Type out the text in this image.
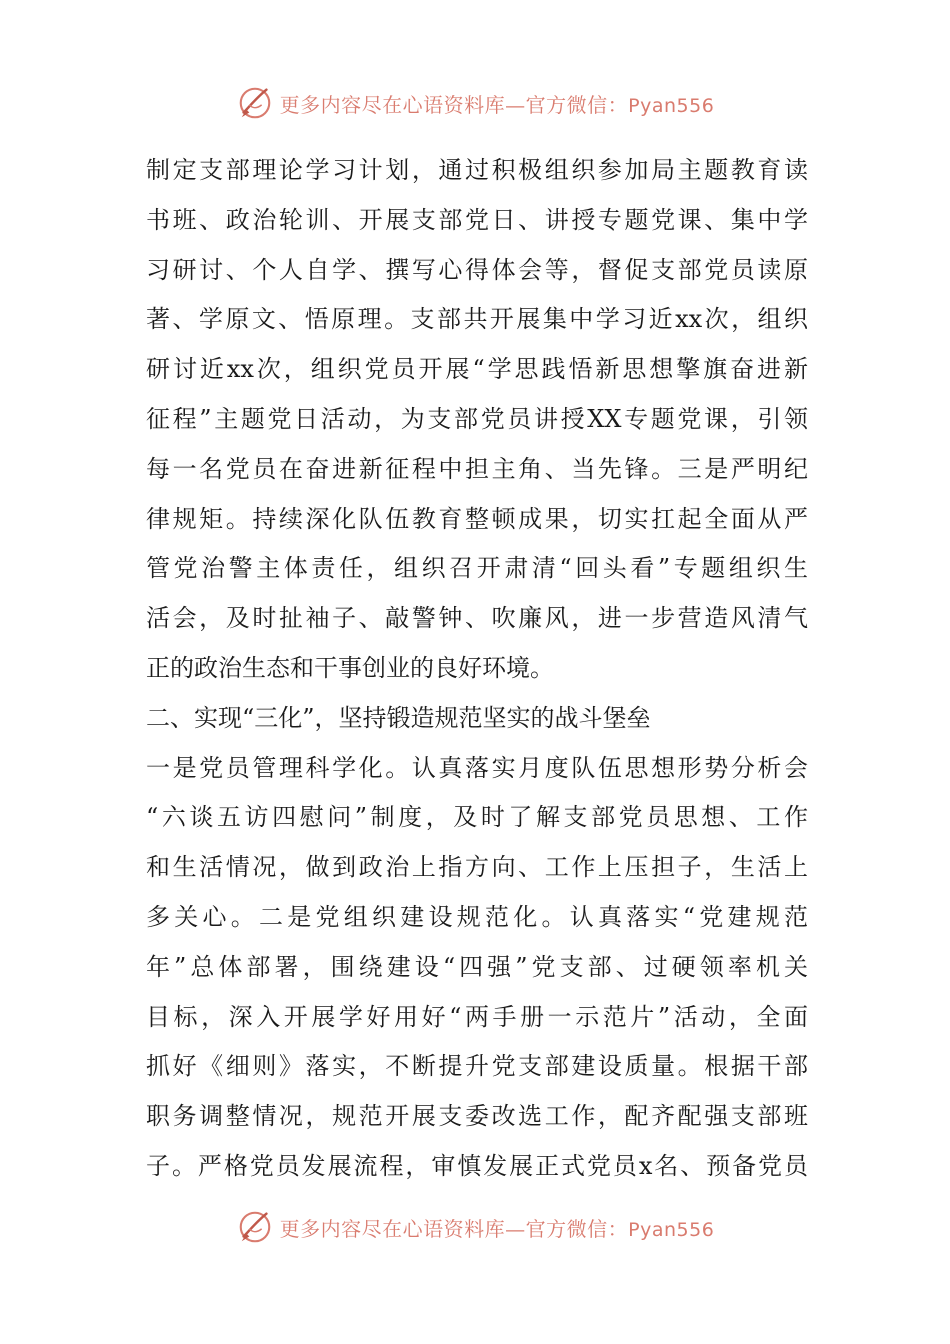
更多内容尽在心语资料库—官方微信：Pyan556
制定支部理论学习计划，通过积极组织参加局主题教育读
书班、政治轮训、开展支部党日、讲授专题党课、集中学
习研讨、个人自学、撰写心得体会等，督促支部党员读原
著、学原文、悟原理。支部共开展集中学习近xx次，组织
研讨近xx次，组织党员开展“学思践悟新思想擎旗奋进新
征程”主题党日活动，为支部党员讲授XX专题党课，引领
每一名党员在奋进新征程中担主角、当先锋。三是严明纪
律规矩。持续深化队伍教育整顿成果，切实扛起全面从严
管党治警主体责任，组织召开肃清“回头看”专题组织生
活会，及时扯袖子、敲警钟、吹廉风，进一步营造风清气
正的政治生态和干事创业的良好环境。
二、实现“三化”，坚持锻造规范坚实的战斗堡垒
一是党员管理科学化。认真落实月度队伍思想形势分析会
“六谈五访四慰问”制度，及时了解支部党员思想、工作
和生活情况，做到政治上指方向、工作上压担子，生活上
多关心。二是党组织建设规范化。认真落实“党建规范
年”总体部署，围绕建设“四强”党支部、过硬领率机关
目标，深入开展学好用好“两手册一示范片”活动，全面
抓好《细则》落实，不断提升党支部建设质量。根据干部
职务调整情况，规范开展支委改选工作，配齐配强支部班
子。严格党员发展流程，审慎发展正式党员x名、预备党员
更多内容尽在心语资料库—官方微信：Pyan556
